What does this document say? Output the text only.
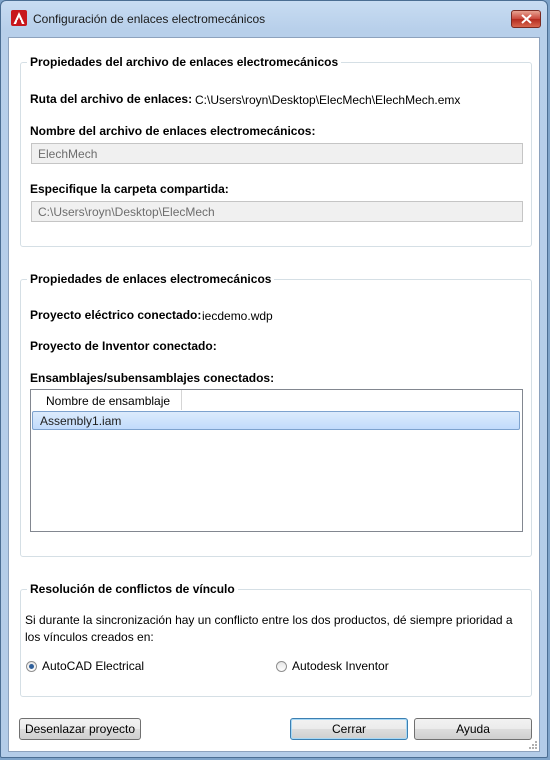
Configuración de enlaces electromecánicos
Propiedades del archivo de enlaces electromecánicos
Ruta del archivo de enlaces: C:\Users\royn\Desktop\ElecMech\ElechMech.emx
Nombre del archivo de enlaces electromecánicos:
ElechMech
Especifique la carpeta compartida:
C:\Users\royn\Desktop\ElecMech
Propiedades de enlaces electromecánicos
Proyecto eléctrico conectado: iecdemo.wdp
Proyecto de Inventor conectado:
Ensamblajes/subensamblajes conectados:
Nombre de ensamblaje
Assembly1.iam
Resolución de conflictos de vínculo
Si durante la sincronización hay un conflicto entre los dos productos, dé siempre prioridad a
los vínculos creados en:
AutoCAD Electrical	Autodesk Inventor
Desenlazar proyecto	Cerrar	Ayuda
